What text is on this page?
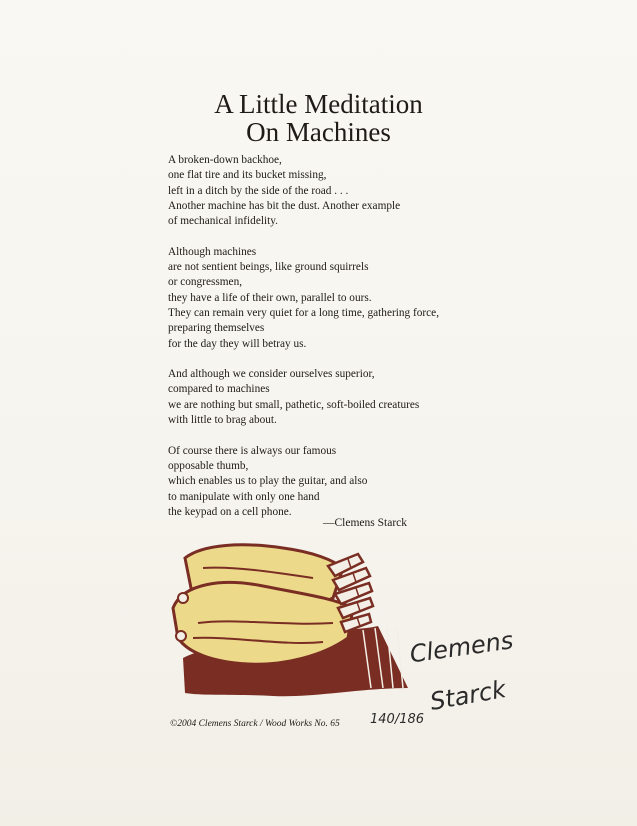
A Little Meditation
On Machines
A broken-down backhoe,
one flat tire and its bucket missing,
left in a ditch by the side of the road . . .
Another machine has bit the dust. Another example
of mechanical infidelity.
Although machines
are not sentient beings, like ground squirrels
or congressmen,
they have a life of their own, parallel to ours.
They can remain very quiet for a long time, gathering force,
preparing themselves
for the day they will betray us.
And although we consider ourselves superior,
compared to machines
we are nothing but small, pathetic, soft-boiled creatures
with little to brag about.
Of course there is always our famous
opposable thumb,
which enables us to play the guitar, and also
to manipulate with only one hand
the keypad on a cell phone.
—Clemens Starck
Clemens
Starck
©2004 Clemens Starck / Wood Works No. 65 140/186
